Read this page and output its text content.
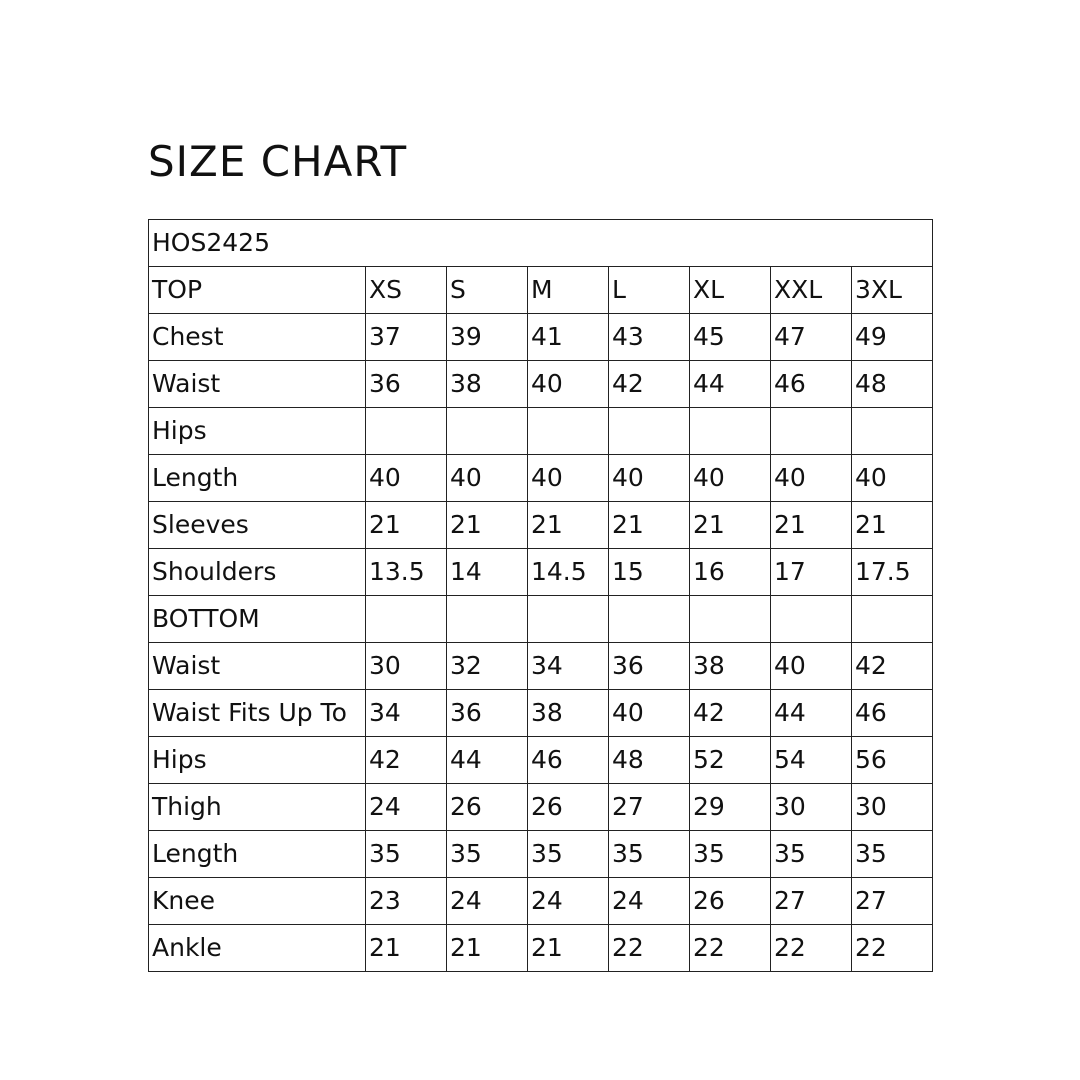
SIZE CHART
HOS2425							
TOP	XS	S	M	L	XL	XXL	3XL
Chest	37	39	41	43	45	47	49
Waist	36	38	40	42	44	46	48
Hips							
Length	40	40	40	40	40	40	40
Sleeves	21	21	21	21	21	21	21
Shoulders	13.5	14	14.5	15	16	17	17.5
BOTTOM							
Waist	30	32	34	36	38	40	42
Waist Fits Up To	34	36	38	40	42	44	46
Hips	42	44	46	48	52	54	56
Thigh	24	26	26	27	29	30	30
Length	35	35	35	35	35	35	35
Knee	23	24	24	24	26	27	27
Ankle	21	21	21	22	22	22	22
